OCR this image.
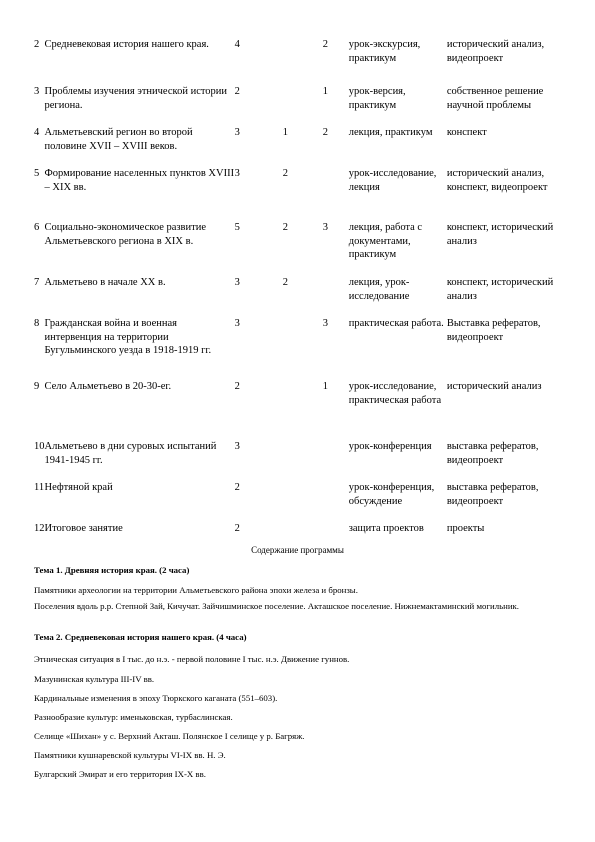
2	Средневековая история нашего края.	4		2	урок-экскурсия, практикум	исторический анализ, видеопроект
3	Проблемы изучения этнической истории региона.	2		1	урок-версия, практикум	собственное решение научной проблемы
4	Альметьевский регион во второй половине XVII – XVIII веков.	3	1	2	лекция, практикум	конспект
5	Формирование населенных пунктов XVIII – XIX вв.	3	2		урок-исследование, лекция	исторический анализ, конспект, видеопроект
6	Социально-экономическое развитие Альметьевского региона в XIX в.	5	2	3	лекция, работа с документами, практикум	конспект, исторический анализ
7	Альметьево в начале XX в.	3	2		лекция, урок-исследование	конспект, исторический анализ
8	Гражданская война и военная интервенция на территории Бугульминского уезда в 1918-1919 гг.	3		3	практическая работа.	Выставка рефератов, видеопроект
9	Село Альметьево в 20-30-ег.	2		1	урок-исследование, практическая работа	исторический анализ
10	Альметьево в дни суровых испытаний 1941-1945 гг.	3			урок-конференция	выставка рефератов, видеопроект
11	Нефтяной край	2			урок-конференция, обсуждение	выставка рефератов, видеопроект
12	Итоговое занятие	2			защита проектов	проекты
Содержание программы
Тема 1. Древняя история края. (2 часа)
Памятники археологии на территории Альметьевского района эпохи железа и бронзы.
Поселения вдоль р.р. Степной Зай, Кичучат. Зайчишминское поселение. Акташское поселение. Нижнемактаминский могильник.
Тема 2. Средневековая история нашего края. (4 часа)
Этническая ситуация в I тыс. до н.э. - первой половине I тыс. н.э. Движение гуннов.
Мазунинская культура III-IV вв.
Кардинальные изменения в эпоху Тюркского каганата (551–603).
Разнообразие культур: именьковская, турбаслинская.
Селище «Шихан» у с. Верхний Акташ. Полянское I селище у р. Багряж.
Памятники кушнаревской культуры VI-IX вв. Н. Э.
Булгарский Эмират и его территория IX-X вв.
